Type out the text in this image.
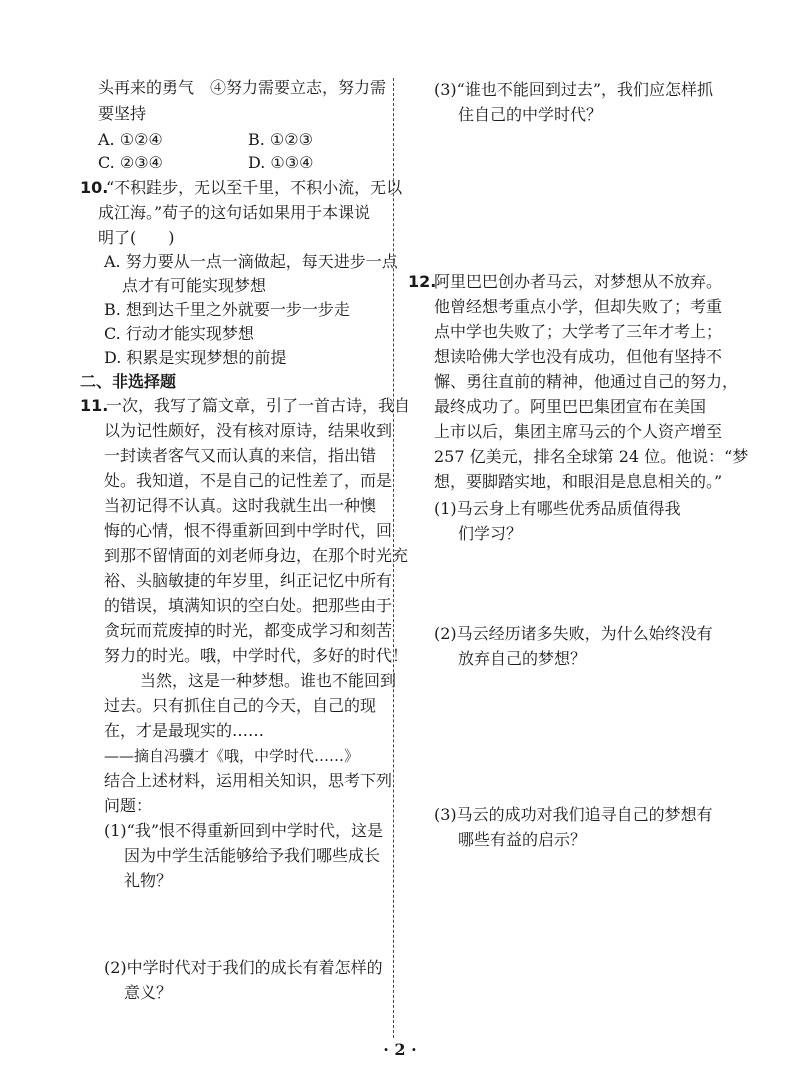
头再来的勇气　④努力需要立志，努力需
要坚持
A. ①②④	B. ①②③
C. ②③④	D. ①③④
10.
“不积跬步，无以至千里，不积小流，无以
成江海。”荀子的这句话如果用于本课说
明了(　　)
A. 努力要从一点一滴做起，每天进步一点
点才有可能实现梦想
B. 想到达千里之外就要一步一步走
C. 行动才能实现梦想
D. 积累是实现梦想的前提
二、非选择题
11.
一次，我写了篇文章，引了一首古诗，我自
以为记性颇好，没有核对原诗，结果收到
一封读者客气又而认真的来信，指出错
处。我知道，不是自己的记性差了，而是
当初记得不认真。这时我就生出一种懊
悔的心情，恨不得重新回到中学时代，回
到那不留情面的刘老师身边，在那个时光充
裕、头脑敏捷的年岁里，纠正记忆中所有
的错误，填满知识的空白处。把那些由于
贪玩而荒废掉的时光，都变成学习和刻苦
努力的时光。哦，中学时代，多好的时代！
当然，这是一种梦想。谁也不能回到
过去。只有抓住自己的今天，自己的现
在，才是最现实的……
——摘自冯骥才《哦，中学时代……》
结合上述材料，运用相关知识，思考下列
问题：
(1)“我”恨不得重新回到中学时代，这是
因为中学生活能够给予我们哪些成长
礼物？
(2)中学时代对于我们的成长有着怎样的
意义？
(3)“谁也不能回到过去”，我们应怎样抓
住自己的中学时代？
12.
阿里巴巴创办者马云，对梦想从不放弃。
他曾经想考重点小学，但却失败了；考重
点中学也失败了；大学考了三年才考上；
想读哈佛大学也没有成功，但他有坚持不
懈、勇往直前的精神，他通过自己的努力，
最终成功了。阿里巴巴集团宣布在美国
上市以后，集团主席马云的个人资产增至
257 亿美元，排名全球第 24 位。他说：“梦
想，要脚踏实地，和眼泪是息息相关的。”
(1)马云身上有哪些优秀品质值得我
们学习？
(2)马云经历诸多失败，为什么始终没有
放弃自己的梦想？
(3)马云的成功对我们追寻自己的梦想有
哪些有益的启示？
· 2 ·
